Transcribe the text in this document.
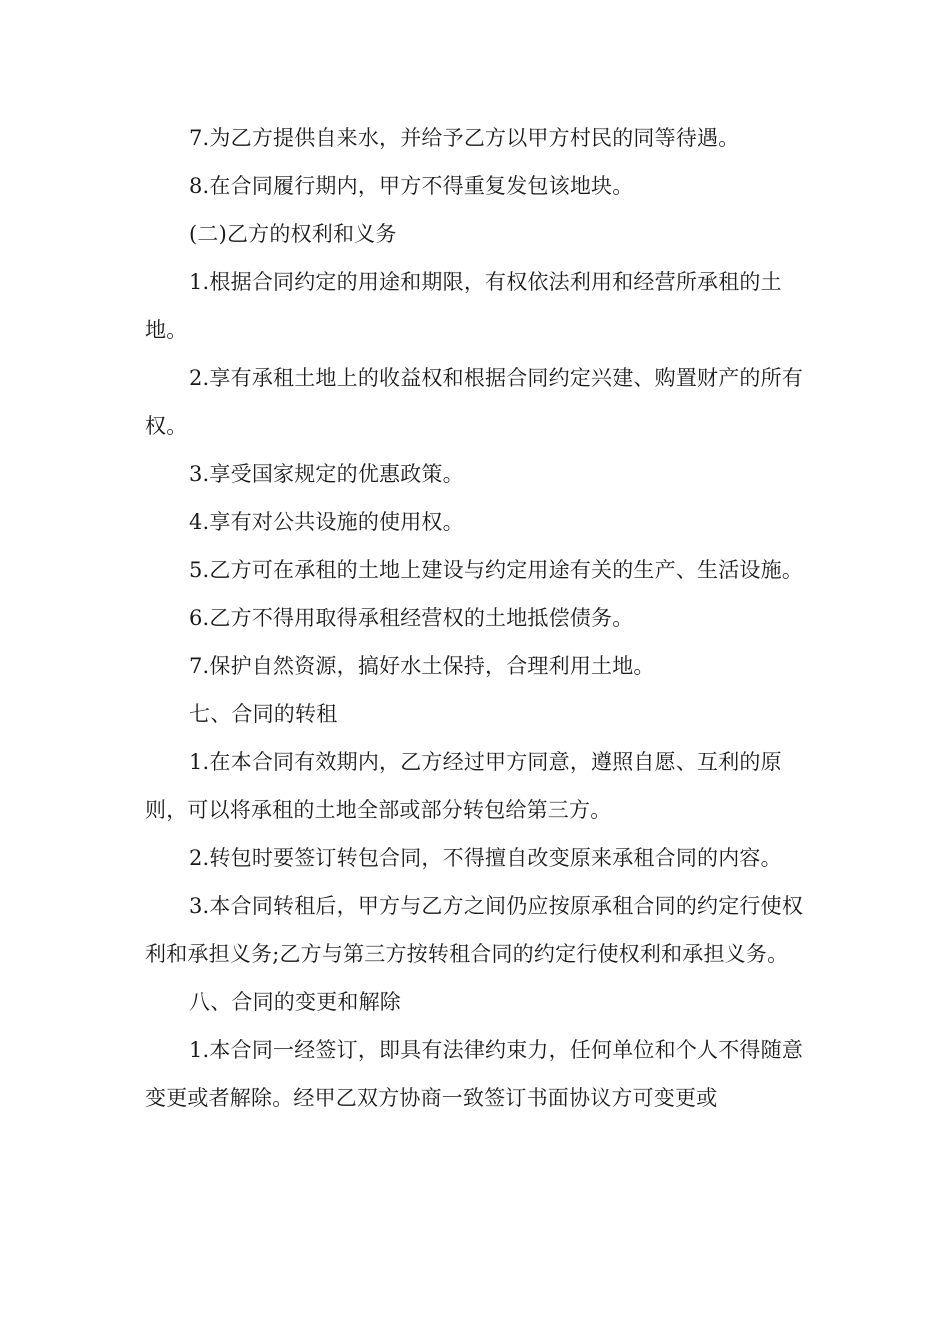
7.为乙方提供自来水，并给予乙方以甲方村民的同等待遇。

8.在合同履行期内，甲方不得重复发包该地块。

(二)乙方的权利和义务

1.根据合同约定的用途和期限，有权依法利用和经营所承租的土地。

2.享有承租土地上的收益权和根据合同约定兴建、购置财产的所有权。

3.享受国家规定的优惠政策。

4.享有对公共设施的使用权。

5.乙方可在承租的土地上建设与约定用途有关的生产、生活设施。

6.乙方不得用取得承租经营权的土地抵偿债务。

7.保护自然资源，搞好水土保持，合理利用土地。

七、合同的转租

1.在本合同有效期内，乙方经过甲方同意，遵照自愿、互利的原则，可以将承租的土地全部或部分转包给第三方。

2.转包时要签订转包合同，不得擅自改变原来承租合同的内容。

3.本合同转租后，甲方与乙方之间仍应按原承租合同的约定行使权利和承担义务;乙方与第三方按转租合同的约定行使权利和承担义务。

八、合同的变更和解除

1.本合同一经签订，即具有法律约束力，任何单位和个人不得随意变更或者解除。经甲乙双方协商一致签订书面协议方可变更或
